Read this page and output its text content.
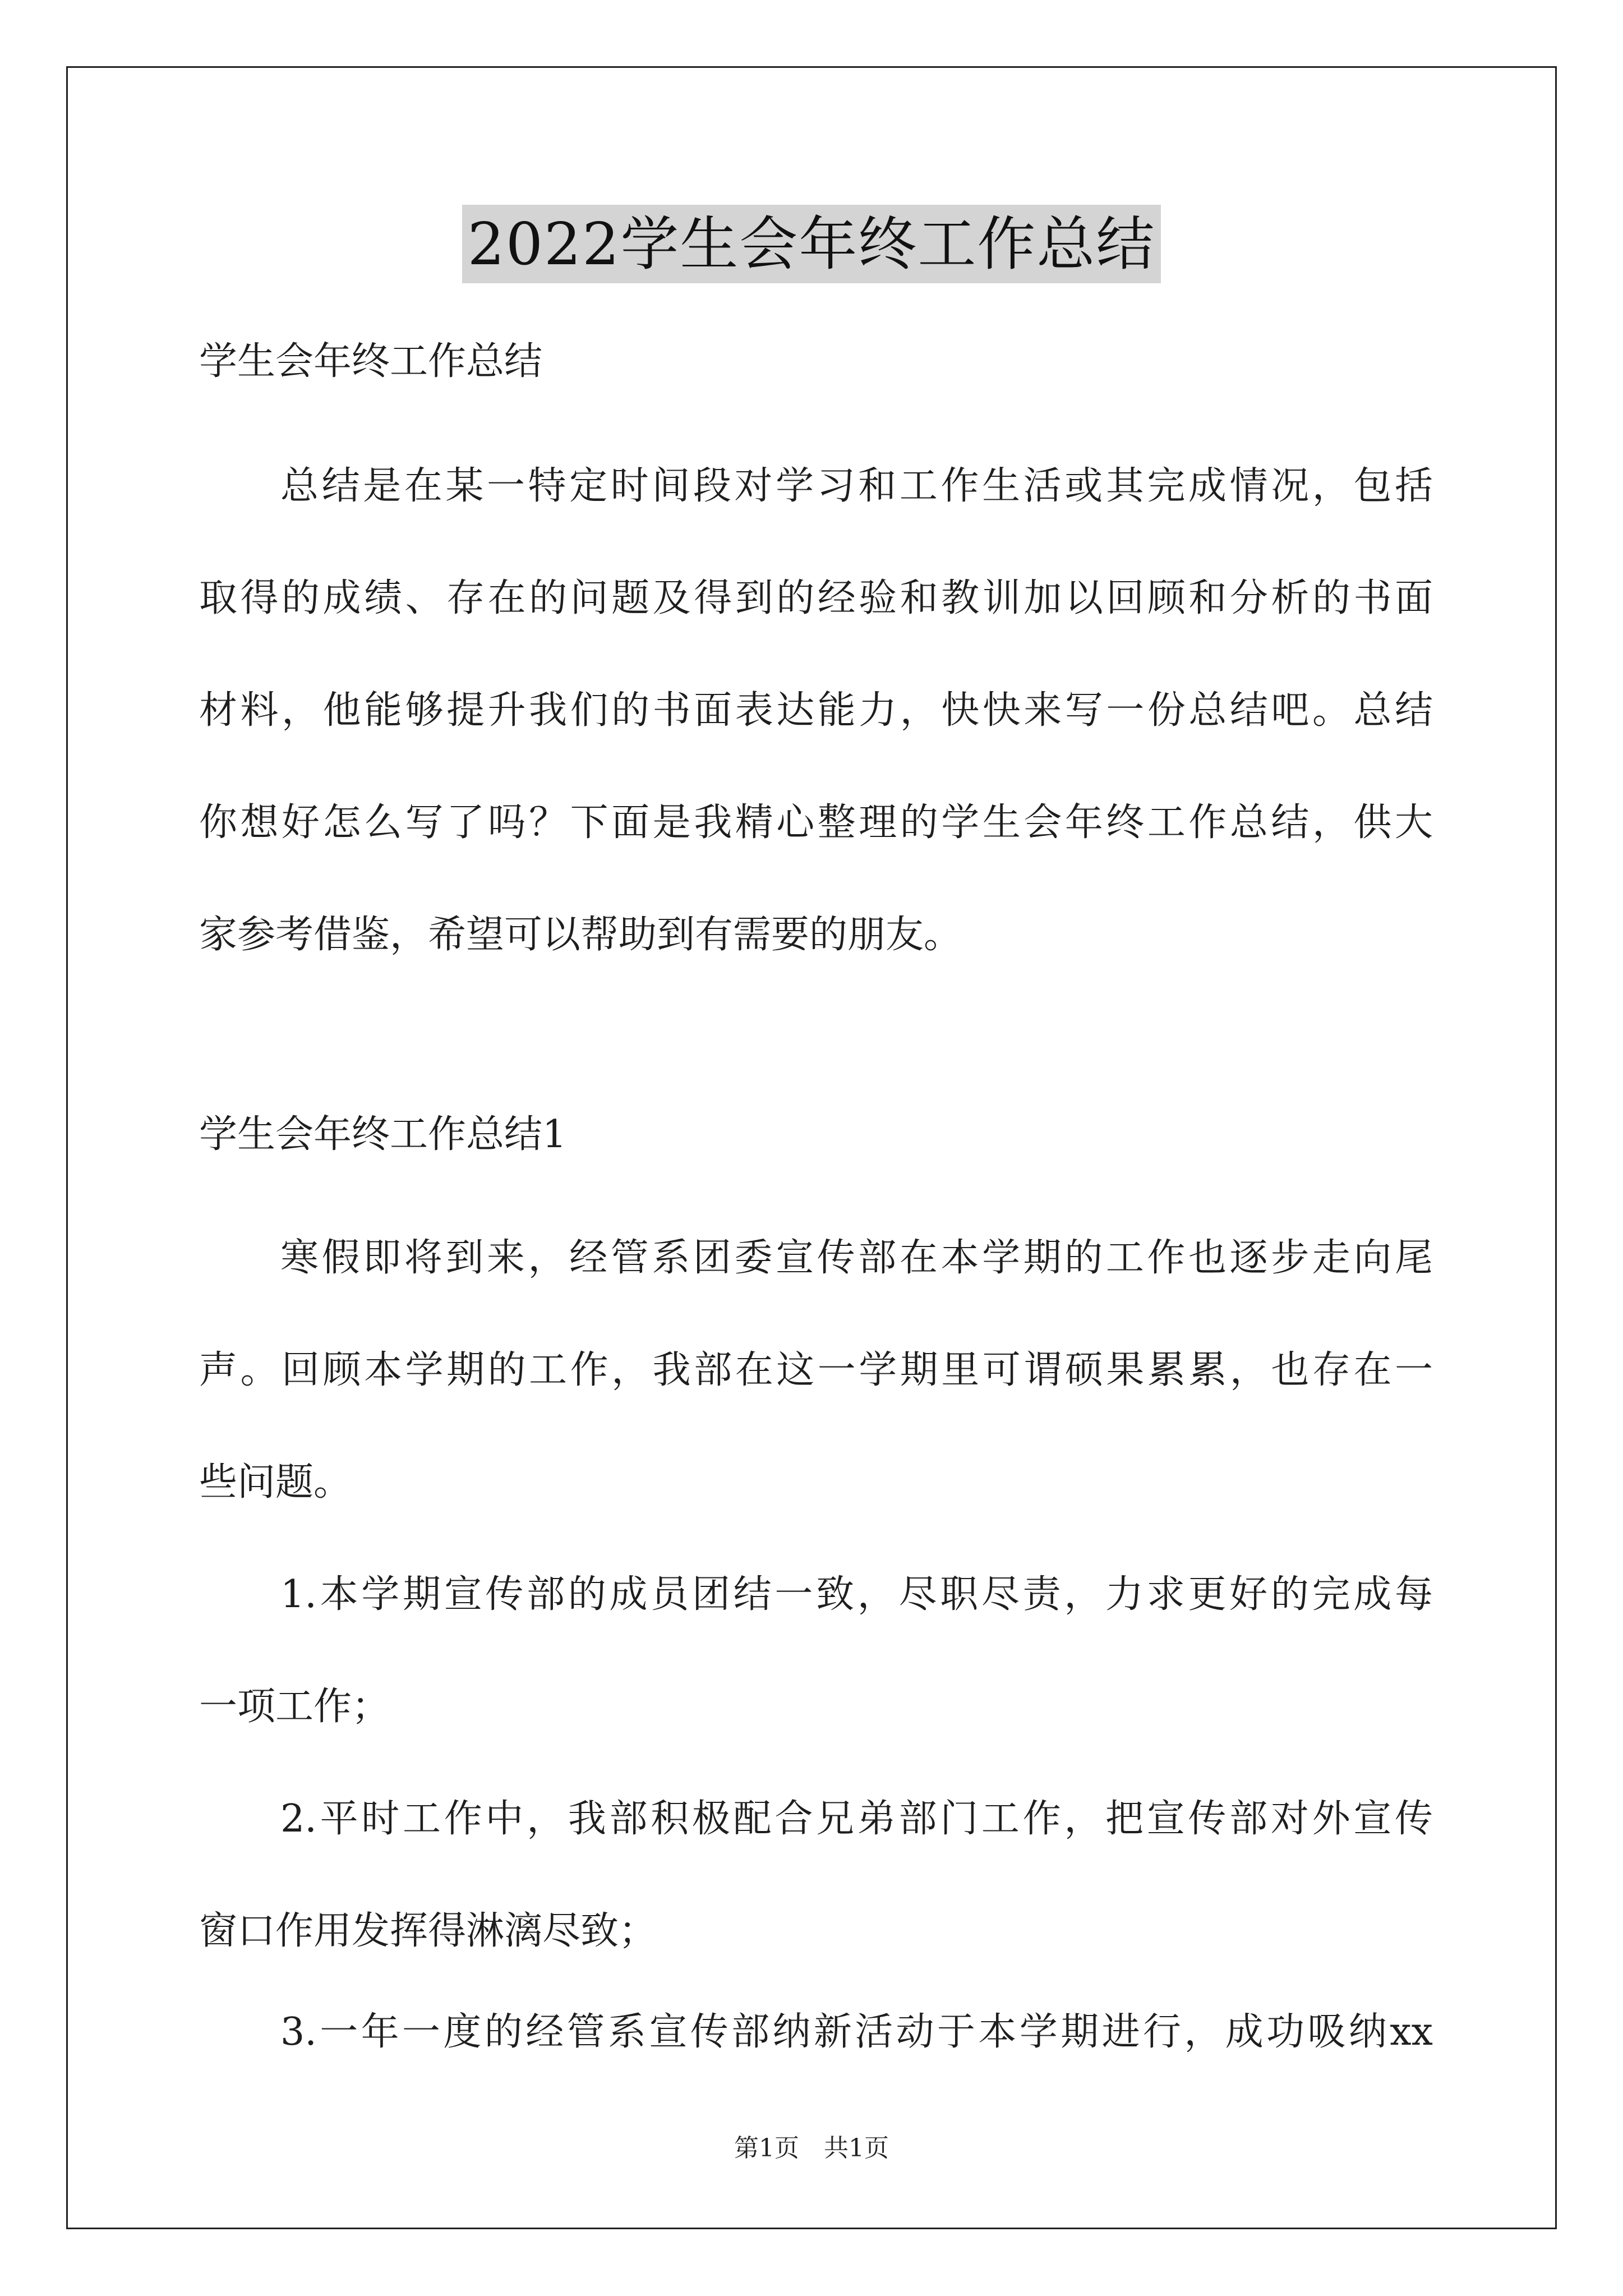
2022学生会年终工作总结
学生会年终工作总结
总结是在某一特定时间段对学习和工作生活或其完成情况，包括
取得的成绩、存在的问题及得到的经验和教训加以回顾和分析的书面
材料，他能够提升我们的书面表达能力，快快来写一份总结吧。总结
你想好怎么写了吗？下面是我精心整理的学生会年终工作总结，供大
家参考借鉴，希望可以帮助到有需要的朋友。
学生会年终工作总结1
寒假即将到来，经管系团委宣传部在本学期的工作也逐步走向尾
声。回顾本学期的工作，我部在这一学期里可谓硕果累累，也存在一
些问题。
1.本学期宣传部的成员团结一致，尽职尽责，力求更好的完成每
一项工作；
2.平时工作中，我部积极配合兄弟部门工作，把宣传部对外宣传
窗口作用发挥得淋漓尽致；
3.一年一度的经管系宣传部纳新活动于本学期进行，成功吸纳xx
第1页　共1页
